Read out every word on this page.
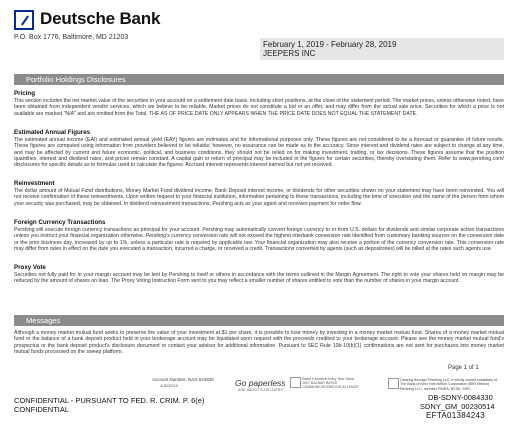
Deutsche Bank
P.O. Box 1776, Baltimore, MD 21203
February 1, 2019 - February 28, 2019
JEEPERS INC
Portfolio Holdings Disclosures
Pricing
This section includes the net market value of the securities in your account on a settlement date basis, including short positions, at the close of the statement period. The market prices, unless otherwise noted, have been obtained from independent vendor services, which we believe to be reliable. Market prices do not constitute a bid or an offer, and may differ from the actual sale price. Securities for which a price is not available are marked "N/A" and are omitted from the Total. THE AS OF PRICE DATE ONLY APPEARS WHEN THE PRICE DATE DOES NOT EQUAL THE STATEMENT DATE.
Estimated Annual Figures
The estimated annual income (EAI) and estimated annual yield (EAY) figures are estimates and for informational purposes only. These figures are not considered to be a forecast or guarantee of future results. These figures are computed using information from providers believed to be reliable; however, no assurance can be made as to the accuracy. Since interest and dividend rates are subject to change at any time, and may be affected by current and future economic, political, and business conditions, they should not be relied on for making investment, trading, or tax decisions. These figures assume that the position quantities, interest and dividend rates, and prices remain constant. A capital gain or return of principal may be included in the figures for certain securities, thereby overstating them. Refer to www.pershing.com/ disclosures for specific details as to formulas used to calculate the figures. Accrued interest represents interest earned but not yet received.
Reinvestment
The dollar amount of Mutual Fund distributions, Money Market Fund dividend income, Bank Deposit interest income, or dividends for other securities shown on your statement may have been reinvested. You will not receive confirmation of these reinvestments. Upon written request to your financial institution, information pertaining to these transactions, including the time of execution and the name of the person from whom your security was purchased, may be obtained. In dividend reinvestment transactions, Pershing acts as your agent and receives payment for order flow.
Foreign Currency Transactions
Pershing will execute foreign currency transactions as principal for your account. Pershing may automatically convert foreign currency to or from U.S. dollars for dividends and similar corporate action transactions unless you instruct your financial organization otherwise. Pershing's currency conversion rate will not exceed the highest interbank conversion rate identified from customary banking sources on the conversion date or the prior business day, increased by up to 1%, unless a particular rate is required by applicable law. Your financial organization may also receive a portion of the currency conversion rate. This conversion rate may differ from rates in effect on the date you executed a transaction, incurred a charge, or received a credit. Transactions converted by agents (such as depositories) will be billed at the rates such agents use.
Proxy Vote
Securities not fully paid for in your margin account may be lent by Pershing to itself or others in accordance with the terms outlined in the Margin Agreement. The right to vote your shares held on margin may be reduced by the amount of shares on loan. The Proxy Voting Instruction Form sent to you may reflect a smaller number of shares entitled to vote than the number of shares in your margin account.
Messages
Although a money market mutual fund seeks to preserve the value of your investment at $1 per share, it is possible to lose money by investing in a money market mutual fund. Shares of a money market mutual fund or the balance of a bank deposit product held in your brokerage account may be liquidated upon request with the proceeds credited to your brokerage account. Please see the money market mutual fund's prospectus or the bank deposit product's disclosure document or contact your advisor for additional information. Pursuant to SEC Rule 10b-10(b)(1) confirmations are not sent for purchases into money market mutual funds processed on the sweep platform.
Page 1 of 1
Account Number: NAS-024835
4/30/2019	Go paperless
ASK ABOUT E-DELIVERY
Rated Excellent Every Year Since 2007 DALBAR RATED COMMUNICATIONS EXCELLENCE
Clearing through Pershing LLC, a wholly owned subsidiary of The Bank of New York Mellon Corporation (BNY Mellon) Pershing LLC, member FINRA, NYSE, SIPC
CONFIDENTIAL - PURSUANT TO FED. R. CRIM. P. 6(e)
CONFIDENTIAL
DB-SDNY-0084330
SDNY_GM_00230514
EFTA01384243
